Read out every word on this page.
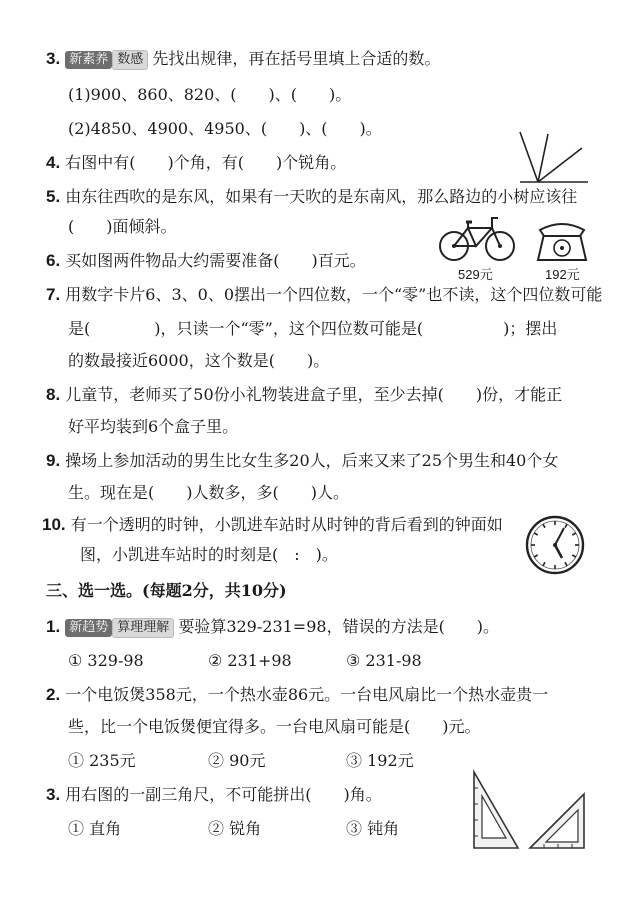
3. 新素养 数感 先找出规律，再在括号里填上合适的数。
(1)900、860、820、(　　)、(　　)。
(2)4850、4900、4950、(　　)、(　　)。
4. 右图中有(　　)个角，有(　　)个锐角。
5. 由东往西吹的是东风，如果有一天吹的是东南风，那么路边的小树应该往
(　　)面倾斜。
6. 买如图两件物品大约需要准备(　　)百元。
529元	192元
7. 用数字卡片6、3、0、0摆出一个四位数，一个“零”也不读，这个四位数可能
是(　　　　)，只读一个“零”，这个四位数可能是(　　　　　)；摆出
的数最接近6000，这个数是(　　)。
8. 儿童节，老师买了50份小礼物装进盒子里，至少去掉(　　)份，才能正
好平均装到6个盒子里。
9. 操场上参加活动的男生比女生多20人，后来又来了25个男生和40个女
生。现在是(　　)人数多，多(　　)人。
10. 有一个透明的时钟，小凯进车站时从时钟的背后看到的钟面如
图，小凯进车站时的时刻是(　:　)。
三、选一选。(每题2分，共10分)
1. 新趋势 算理理解 要验算329-231=98，错误的方法是(　　)。
① 329-98	② 231+98	③ 231-98
2. 一个电饭煲358元，一个热水壶86元。一台电风扇比一个热水壶贵一
些，比一个电饭煲便宜得多。一台电风扇可能是(　　)元。
① 235元	② 90元	③ 192元
3. 用右图的一副三角尺，不可能拼出(　　)角。
① 直角	② 锐角	③ 钝角
